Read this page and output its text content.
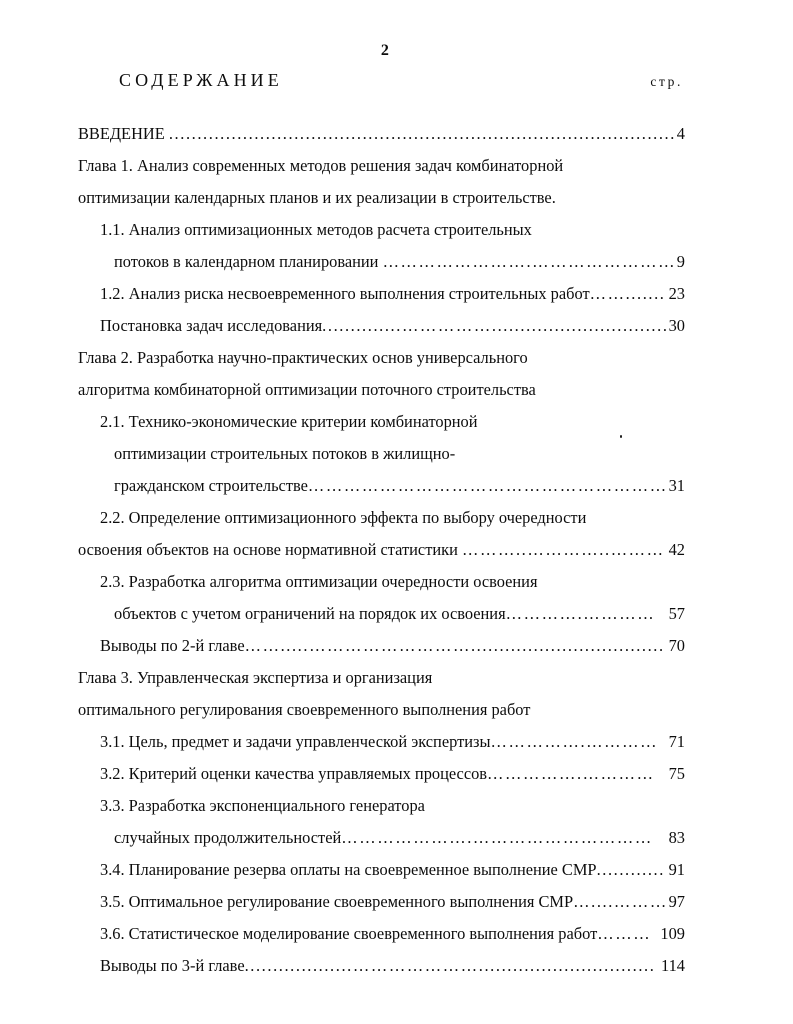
2
СОДЕРЖАНИЕ	стр.
ВВЕДЕНИЕ ......................................................................................... 4
Глава 1. Анализ современных методов решения задач комбинаторной
оптимизации календарных планов и их реализации в строительстве.
1.1. Анализ оптимизационных методов расчета строительных
потоков в календарном планировании …………………….…………………… 9
1.2. Анализ риска несвоевременного выполнения строительных работ ……....... 23
Постановка задач исследования ..............……………............................... 30
Глава 2. Разработка научно-практических основ универсального
алгоритма комбинаторной оптимизации поточного строительства
2.1. Технико-экономические критерии комбинаторной
оптимизации строительных потоков в жилищно-
гражданском строительстве …………………………………………………… 31
2.2. Определение оптимизационного эффекта по выбору очередности
освоения объектов на основе нормативной статистики ………..…………..……… 42
2.3. Разработка алгоритма оптимизации очередности освоения
объектов с учетом ограничений на порядок их освоения ………….………… 57
Выводы по 2-й главе …….....……………………….................................. 70
Глава 3. Управленческая экспертиза и организация
оптимального регулирования своевременного выполнения работ
3.1. Цель, предмет и задачи управленческой экспертизы …………….………… 71
3.2. Критерий оценки качества управляемых процессов …………….………… 75
3.3. Разработка экспоненциального генератора
случайных продолжительностей ………………….………………………… 83
3.4. Планирование резерва оплаты на своевременное выполнение СМР ............ 91
3.5. Оптимальное регулирование своевременного выполнения СМР …....……… 97
3.6. Статистическое моделирование своевременного выполнения работ ……… 109
Выводы по 3-й главе ...................…………………............................... 114
